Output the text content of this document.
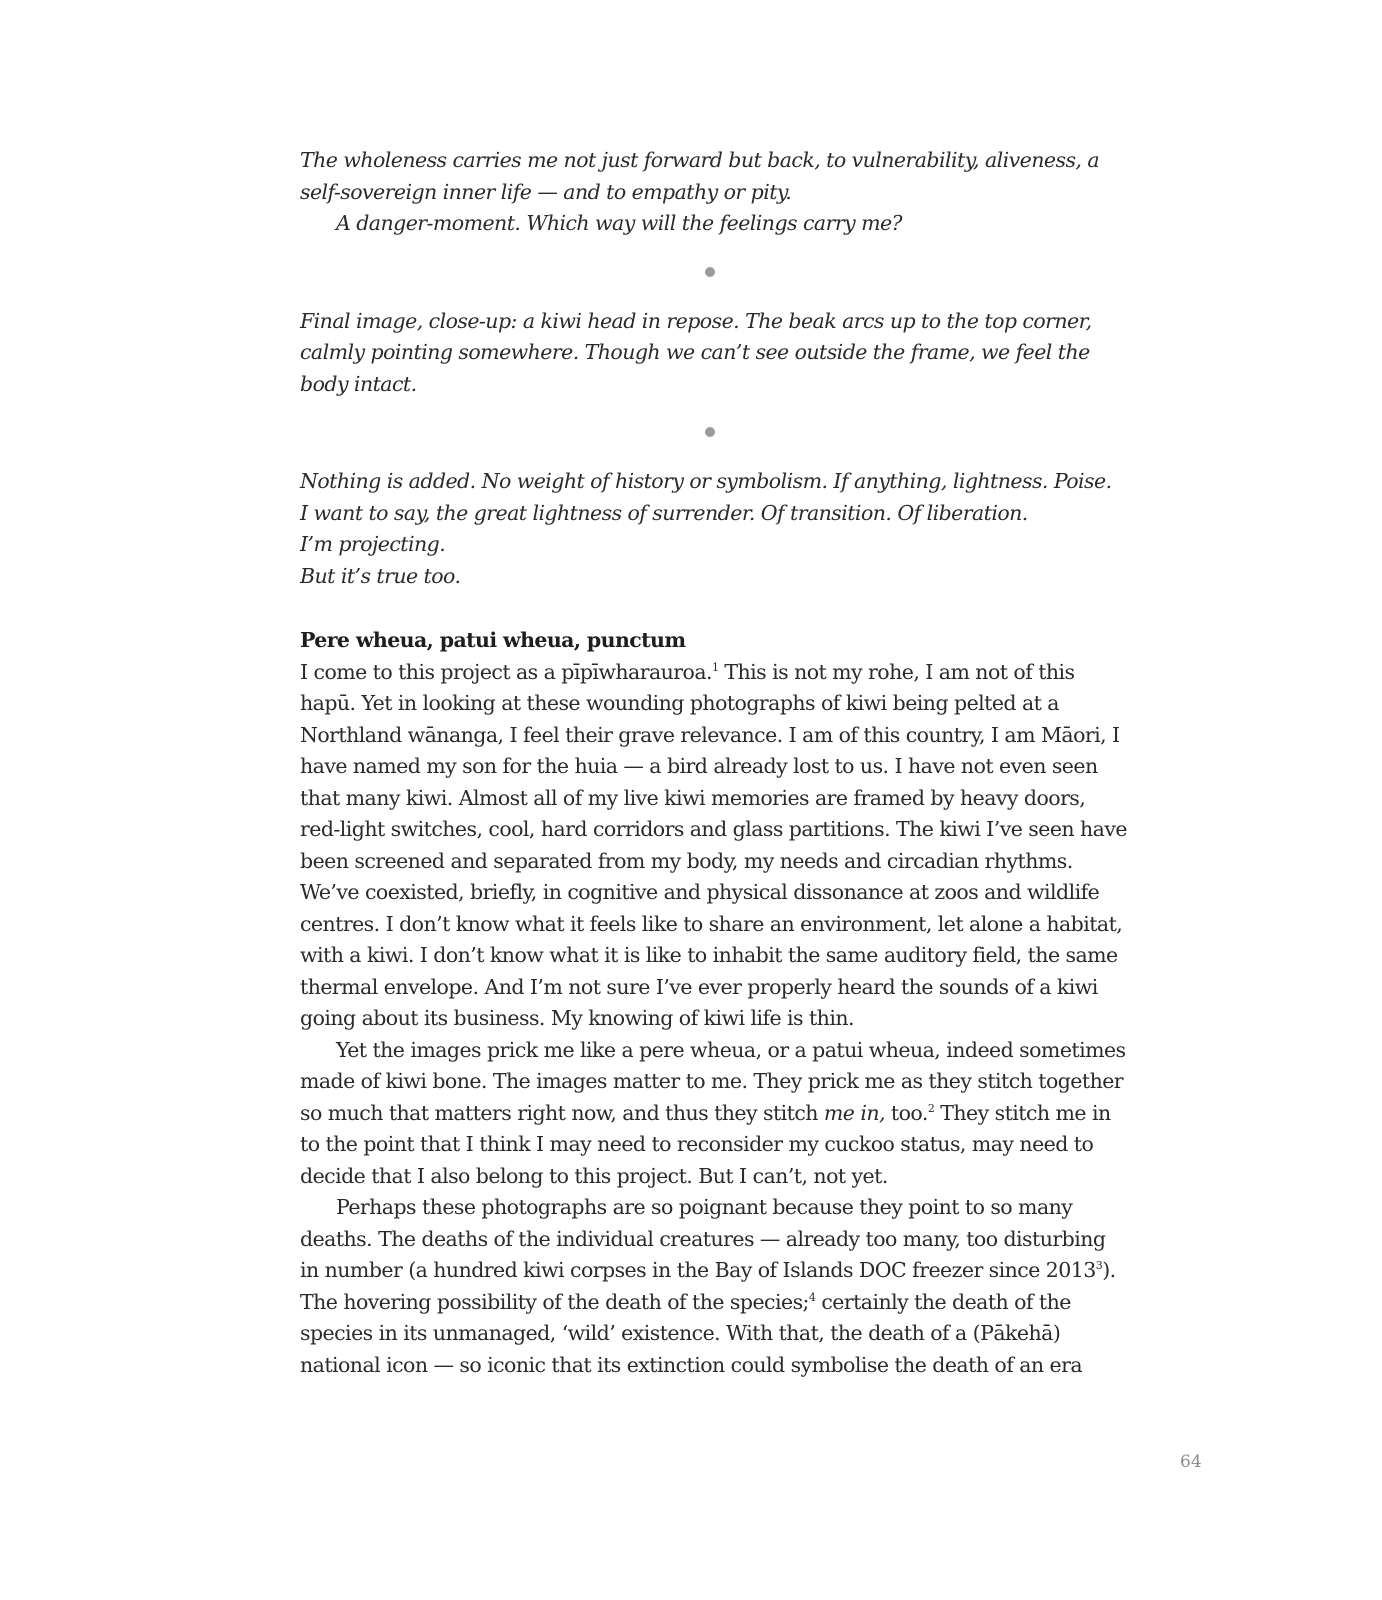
The wholeness carries me not just forward but back, to vulnerability, aliveness, a self-sovereign inner life — and to empathy or pity.

A danger-moment. Which way will the feelings carry me?

Final image, close-up: a kiwi head in repose. The beak arcs up to the top corner, calmly pointing somewhere. Though we can’t see outside the frame, we feel the body intact.

Nothing is added. No weight of history or symbolism. If anything, lightness. Poise.

I want to say, the great lightness of surrender. Of transition. Of liberation.

I’m projecting.

But it’s true too.

Pere wheua, patui wheua, punctum

I come to this project as a pīpīwharauroa.$^1$ This is not my rohe, I am not of this hapū. Yet in looking at these wounding photographs of kiwi being pelted at a Northland wānanga, I feel their grave relevance. I am of this country, I am Māori, I have named my son for the huia — a bird already lost to us. I have not even seen that many kiwi. Almost all of my live kiwi memories are framed by heavy doors, red-light switches, cool, hard corridors and glass partitions. The kiwi I’ve seen have been screened and separated from my body, my needs and circadian rhythms. We’ve coexisted, briefly, in cognitive and physical dissonance at zoos and wildlife centres. I don’t know what it feels like to share an environment, let alone a habitat, with a kiwi. I don’t know what it is like to inhabit the same auditory field, the same thermal envelope. And I’m not sure I’ve ever properly heard the sounds of a kiwi going about its business. My knowing of kiwi life is thin.

Yet the images prick me like a pere wheua, or a patui wheua, indeed sometimes made of kiwi bone. The images matter to me. They prick me as they stitch together so much that matters right now, and thus they stitch me in, too.$^2$ They stitch me in to the point that I think I may need to reconsider my cuckoo status, may need to decide that I also belong to this project. But I can’t, not yet.

Perhaps these photographs are so poignant because they point to so many deaths. The deaths of the individual creatures — already too many, too disturbing in number (a hundred kiwi corpses in the Bay of Islands DOC freezer since 2013$^3$). The hovering possibility of the death of the species;$^4$ certainly the death of the species in its unmanaged, ‘wild’ existence. With that, the death of a (Pākehā) national icon — so iconic that its extinction could symbolise the death of an era

64
